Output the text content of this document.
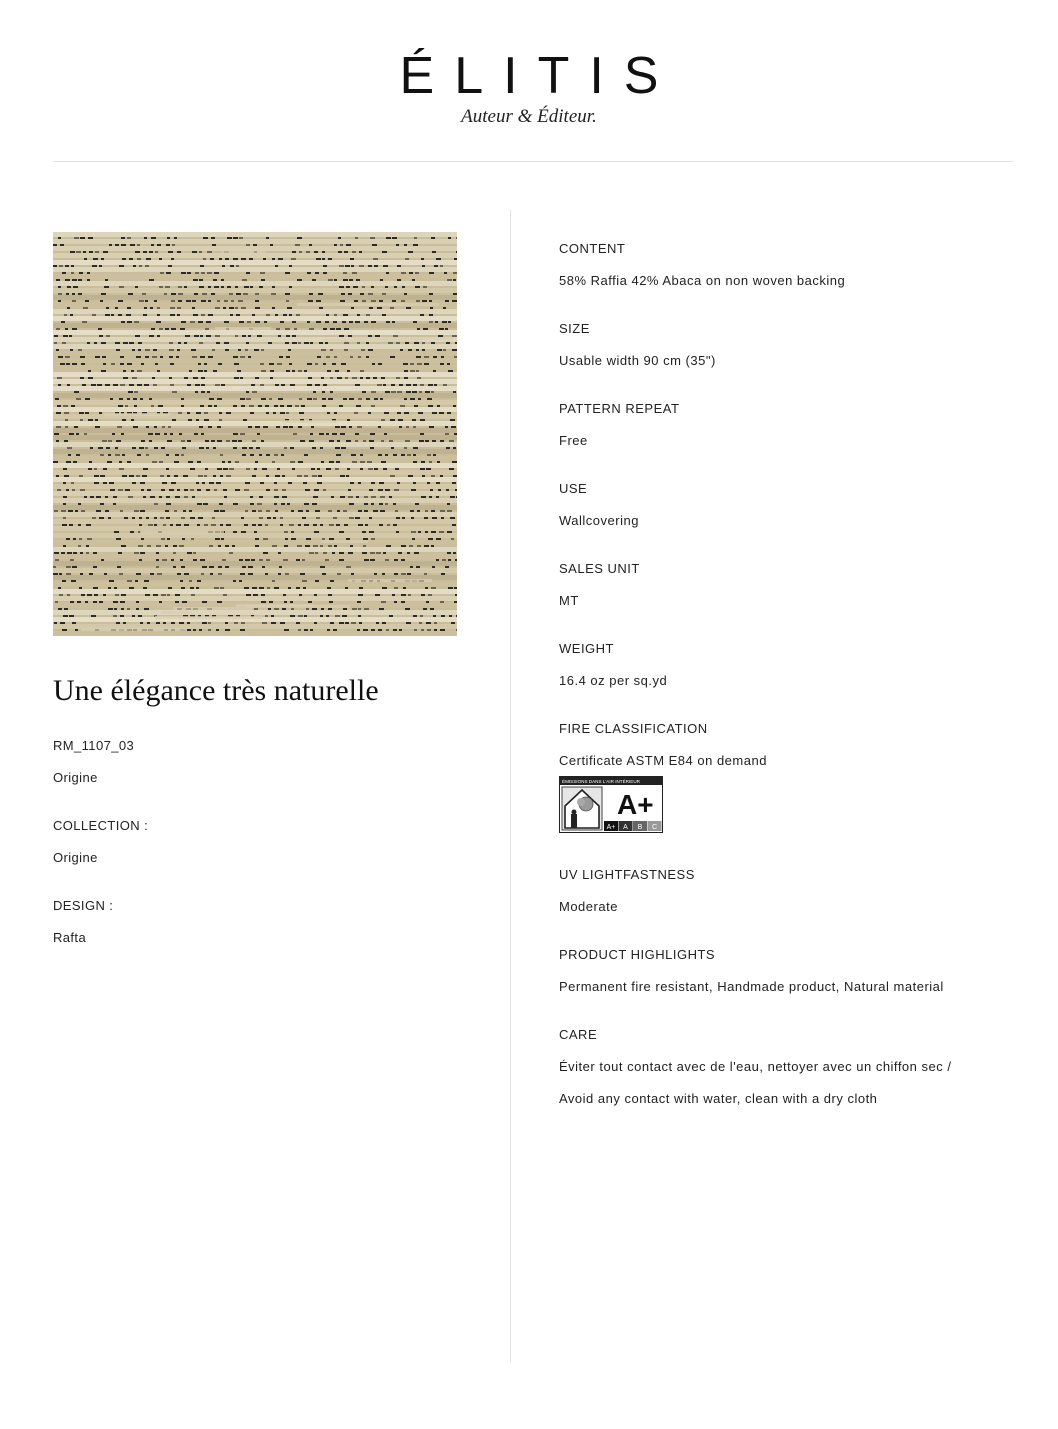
ÉLITIS
Auteur & Éditeur.
Une élégance très naturelle
RM_1107_03
Origine
COLLECTION :
Origine
DESIGN :
Rafta
CONTENT
58% Raffia 42% Abaca on non woven backing
SIZE
Usable width 90 cm (35")
PATTERN REPEAT
Free
USE
Wallcovering
SALES UNIT
MT
WEIGHT
16.4 oz per sq.yd
FIRE CLASSIFICATION
Certificate ASTM E84 on demand
ÉMISSIONS DANS L'AIR INTÉRIEUR
A+
A+ A B C
UV LIGHTFASTNESS
Moderate
PRODUCT HIGHLIGHTS
Permanent fire resistant, Handmade product, Natural material
CARE
Éviter tout contact avec de l'eau, nettoyer avec un chiffon sec /
Avoid any contact with water, clean with a dry cloth
